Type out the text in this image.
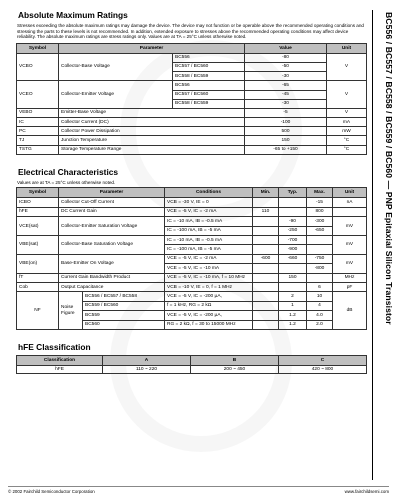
BC556 / BC557 / BC558 / BC559 / BC560 — PNP Epitaxial Silicon Transistor
Absolute Maximum Ratings

Stresses exceeding the absolute maximum ratings may damage the device. The device may not function or be operable above the recommended operating conditions and stressing the parts to these levels is not recommended. In addition, extended exposure to stresses above the recommended operating conditions may affect device reliability. The absolute maximum ratings are stress ratings only. Values are at TA = 25°C unless otherwise noted.

Symbol	Parameter		Value	Unit
VCBO	Collector-Base Voltage	BC556	-80	V
		BC557 / BC560	-50	
		BC558 / BC559	-30	
VCEO	Collector-Emitter Voltage	BC556	-65	V
		BC557 / BC560	-45	
		BC558 / BC559	-30	
VEBO	Emitter-Base Voltage		-5	V
IC	Collector Current (DC)		-100	mA
PC	Collector Power Dissipation		500	mW
TJ	Junction Temperature		150	°C
TSTG	Storage Temperature Range		-65 to +150	°C
Electrical Characteristics

Values are at TA = 25°C unless otherwise noted.

Symbol	Parameter		Conditions	Min.	Typ.	Max.	Unit
ICBO	Collector Cut-Off Current		VCB = -30 V, IE = 0			-15	nA
hFE	DC Current Gain		VCE = -5 V, IC = -2 mA	110		800	
VCE(sat)	Collector-Emitter Saturation Voltage		IC = -10 mA, IB = -0.5 mA		-90	-300	mV
			IC = -100 mA, IB = -5 mA		-250	-650	
VBE(sat)	Collector-Base Saturation Voltage		IC = -10 mA, IB = -0.5 mA		-700		mV
			IC = -100 mA, IB = -5 mA		-900		
VBE(on)	Base-Emitter On Voltage		VCE = -5 V, IC = -2 mA	-600	-660	-750	mV
			VCE = -5 V, IC = -10 mA			-800	
fT	Current Gain Bandwidth Product		VCE = -5 V, IC = -10 mA, f = 10 MHz		150		MHz
Cob	Output Capacitance		VCB = -10 V, IE = 0, f = 1 MHz			6	pF
NF	Noise Figure	BC556 / BC557 / BC558	VCE = -5 V, IC = -200 µA,		2	10	dB
		BC559 / BC560	f = 1 kHz, RG = 2 kΩ		1	4	
		BC559	VCE = -5 V, IC = -200 µA,		1.2	4.0	
		BC560	RG = 2 kΩ, f = 30 to 15000 MHz		1.2	2.0	
hFE Classification
Classification	A	B	C
hFE	110 ~ 220	200 ~ 450	420 ~ 800
© 2002 Fairchild Semiconductor Corporation	www.fairchildsemi.com
